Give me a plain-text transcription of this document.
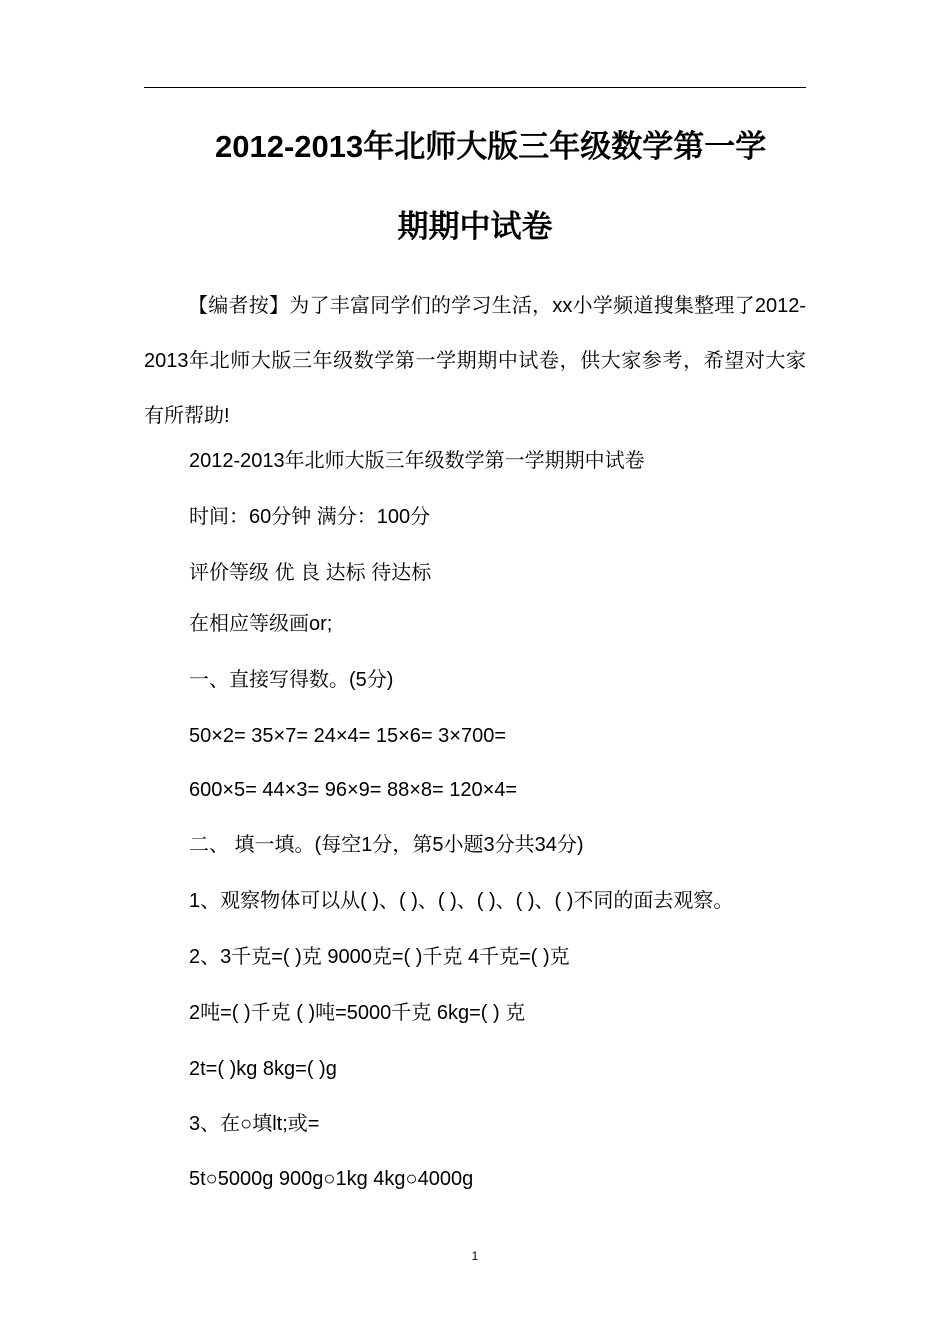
2012-2013年北师大版三年级数学第一学
期期中试卷

【编者按】为了丰富同学们的学习生活，xx小学频道搜集整理了2012-2013年北师大版三年级数学第一学期期中试卷，供大家参考，希望对大家有所帮助!

2012-2013年北师大版三年级数学第一学期期中试卷
时间：60分钟 满分：100分
评价等级 优 良 达标 待达标
在相应等级画or;
一、直接写得数。(5分)
50×2= 35×7= 24×4= 15×6= 3×700=
600×5= 44×3= 96×9= 88×8= 120×4=
二、 填一填。(每空1分，第5小题3分共34分)
1、观察物体可以从( )、( )、( )、( )、( )、( )不同的面去观察。
2、3千克=( )克 9000克=( )千克 4千克=( )克
2吨=( )千克 ( )吨=5000千克 6kg=( ) 克
2t=( )kg 8kg=( )g
3、在○填lt;或=
5t○5000g 900g○1kg 4kg○4000g
1
